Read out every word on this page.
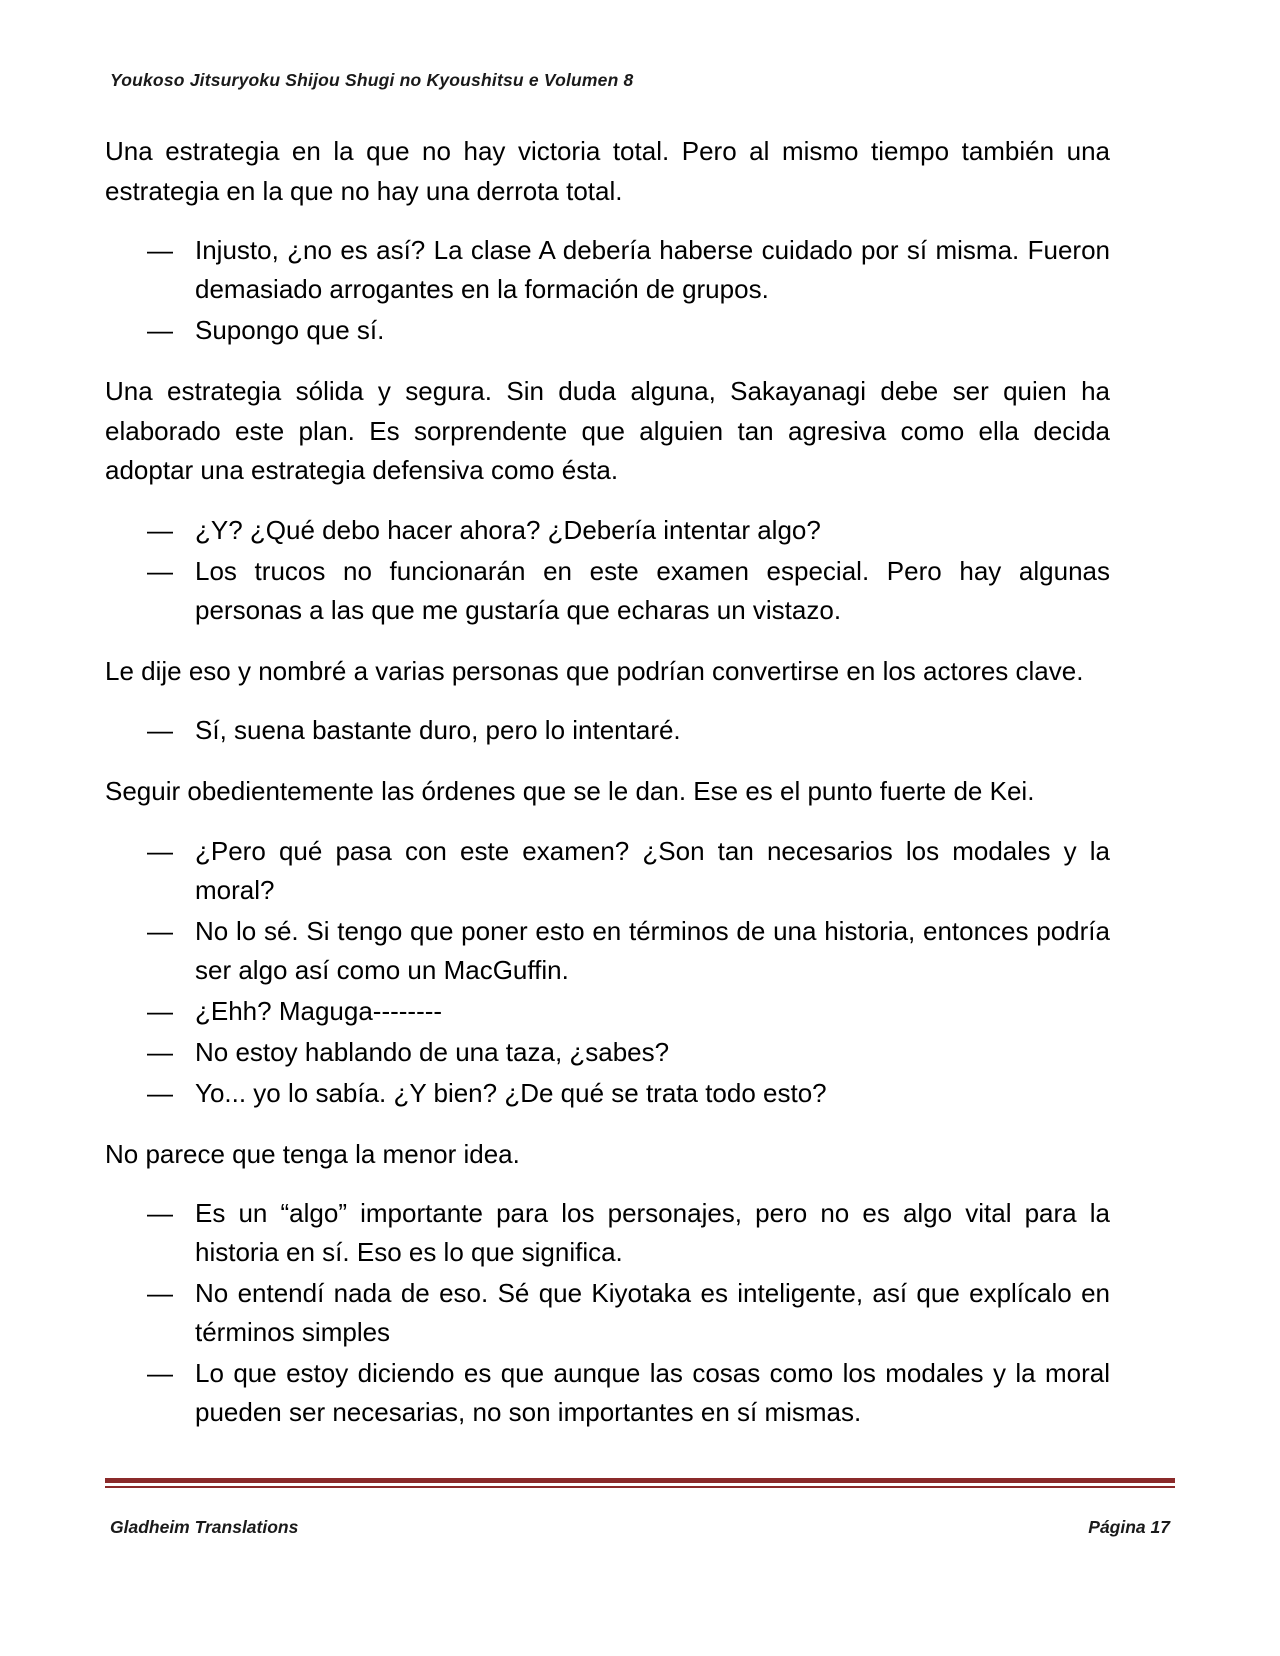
Youkoso Jitsuryoku Shijou Shugi no Kyoushitsu e Volumen 8

Una estrategia en la que no hay victoria total. Pero al mismo tiempo también una estrategia en la que no hay una derrota total.

— Injusto, ¿no es así? La clase A debería haberse cuidado por sí misma. Fueron demasiado arrogantes en la formación de grupos.
— Supongo que sí.

Una estrategia sólida y segura. Sin duda alguna, Sakayanagi debe ser quien ha elaborado este plan. Es sorprendente que alguien tan agresiva como ella decida adoptar una estrategia defensiva como ésta.

— ¿Y? ¿Qué debo hacer ahora? ¿Debería intentar algo?
— Los trucos no funcionarán en este examen especial. Pero hay algunas personas a las que me gustaría que echaras un vistazo.

Le dije eso y nombré a varias personas que podrían convertirse en los actores clave.

— Sí, suena bastante duro, pero lo intentaré.

Seguir obedientemente las órdenes que se le dan. Ese es el punto fuerte de Kei.

— ¿Pero qué pasa con este examen? ¿Son tan necesarios los modales y la moral?
— No lo sé. Si tengo que poner esto en términos de una historia, entonces podría ser algo así como un MacGuffin.
— ¿Ehh? Maguga--------
— No estoy hablando de una taza, ¿sabes?
— Yo... yo lo sabía. ¿Y bien? ¿De qué se trata todo esto?

No parece que tenga la menor idea.

— Es un “algo” importante para los personajes, pero no es algo vital para la historia en sí. Eso es lo que significa.
— No entendí nada de eso. Sé que Kiyotaka es inteligente, así que explícalo en términos simples
— Lo que estoy diciendo es que aunque las cosas como los modales y la moral pueden ser necesarias, no son importantes en sí mismas.
Gladheim Translations	Página 17
